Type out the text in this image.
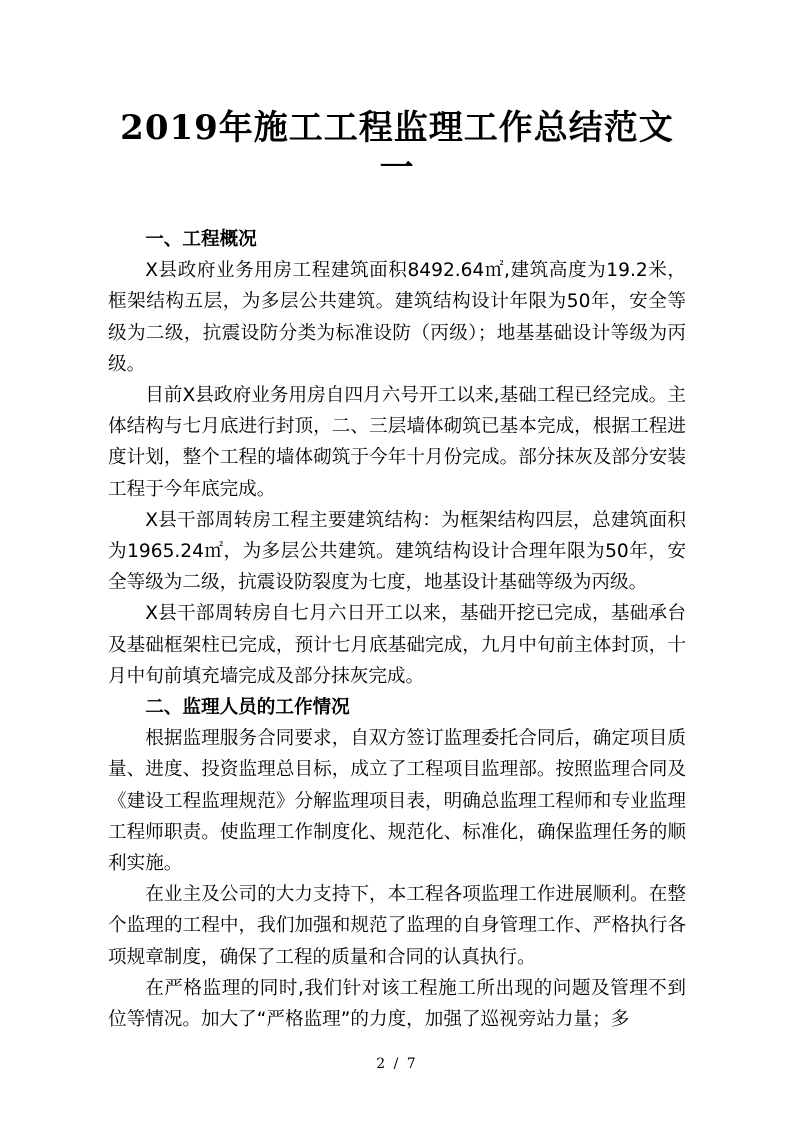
2019年施工工程监理工作总结范文
一
一、工程概况

X县政府业务用房工程建筑面积8492.64㎡,建筑高度为19.2米，框架结构五层，为多层公共建筑。建筑结构设计年限为50年，安全等级为二级，抗震设防分类为标准设防（丙级）；地基基础设计等级为丙级。

目前X县政府业务用房自四月六号开工以来,基础工程已经完成。主体结构与七月底进行封顶，二、三层墙体砌筑已基本完成，根据工程进度计划，整个工程的墙体砌筑于今年十月份完成。部分抹灰及部分安装工程于今年底完成。

X县干部周转房工程主要建筑结构：为框架结构四层，总建筑面积为1965.24㎡，为多层公共建筑。建筑结构设计合理年限为50年，安全等级为二级，抗震设防裂度为七度，地基设计基础等级为丙级。

X县干部周转房自七月六日开工以来，基础开挖已完成，基础承台及基础框架柱已完成，预计七月底基础完成，九月中旬前主体封顶，十月中旬前填充墙完成及部分抹灰完成。

二、监理人员的工作情况

根据监理服务合同要求，自双方签订监理委托合同后，确定项目质量、进度、投资监理总目标，成立了工程项目监理部。按照监理合同及《建设工程监理规范》分解监理项目表，明确总监理工程师和专业监理工程师职责。使监理工作制度化、规范化、标准化，确保监理任务的顺利实施。

在业主及公司的大力支持下，本工程各项监理工作进展顺利。在整个监理的工程中，我们加强和规范了监理的自身管理工作、严格执行各项规章制度，确保了工程的质量和合同的认真执行。

在严格监理的同时,我们针对该工程施工所出现的问题及管理不到位等情况。加大了“严格监理”的力度，加强了巡视旁站力量；多

2 / 7
